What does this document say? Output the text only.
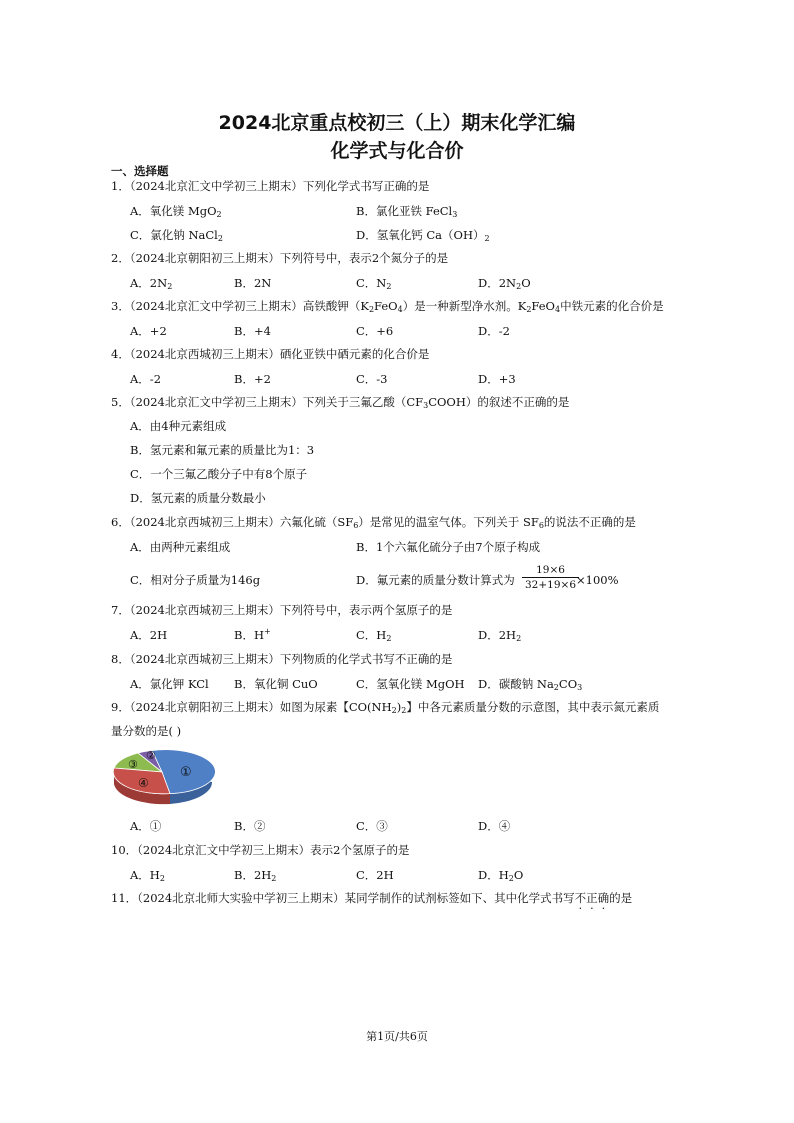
2024北京重点校初三（上）期末化学汇编
化学式与化合价
一、选择题
1．（2024北京汇文中学初三上期末）下列化学式书写正确的是
A．氧化镁 MgO$_2$	B．氯化亚铁 FeCl$_3$
C．氯化钠 NaCl$_2$	D．氢氧化钙 $Ca(OH)_2$
2．（2024北京朝阳初三上期末）下列符号中，表示2个氮分子的是
A．$2N_2$	B．2N	C．$N_2$	D．$2N_2O$
3．（2024北京汇文中学初三上期末）高铁酸钾$(K_2FeO_4)$是一种新型净水剂。$K_2FeO_4$中铁元素的化合价是
A．+2	B．+4	C．+6	D．-2
4．（2024北京西城初三上期末）硒化亚铁中硒元素的化合价是
A．-2	B．+2	C．-3	D．+3
5．（2024北京汇文中学初三上期末）下列关于三氟乙酸$(CF_3COOH)$的叙述不正确的是
A．由4种元素组成
B．氢元素和氟元素的质量比为1：3
C．一个三氟乙酸分子中有8个原子
D．氢元素的质量分数最小
6．（2024北京西城初三上期末）六氟化硫$(SF_6)$是常见的温室气体。下列关于 $SF_6$的说法不正确的是
A．由两种元素组成	B．1个六氟化硫分子由7个原子构成
C．相对分子质量为146g	D．氟元素的质量分数计算式为 $\frac{19\times 6}{32+19\times 6}$
×100%
7．（2024北京西城初三上期末）下列符号中，表示两个氢原子的是
A．2H	B．H+	C．$H_2$	D．$2H_2$
8．（2024北京西城初三上期末）下列物质的化学式书写不正确的是
A．氯化钾 KCl B．氧化铜 CuO	C．氢氧化镁 MgOH D．碳酸钠 $Na_2CO_3$
9．（2024北京朝阳初三上期末）如图为尿素【$CO(NH_2)_2$】中各元素质量分数的示意图，其中表示氮元素质
量分数的是( )
①
②
③
④
A．①	B．②	C．③	D．④
10．（2024北京汇文中学初三上期末）表示2个氢原子的是
A．$H_2$	B．$2H_2$	C．2H	D．$H_2O$
11．（2024北京北师大实验中学初三上期末）某同学制作的试剂标签如下、其中化学式书写不正确的是
第1页/共6页
